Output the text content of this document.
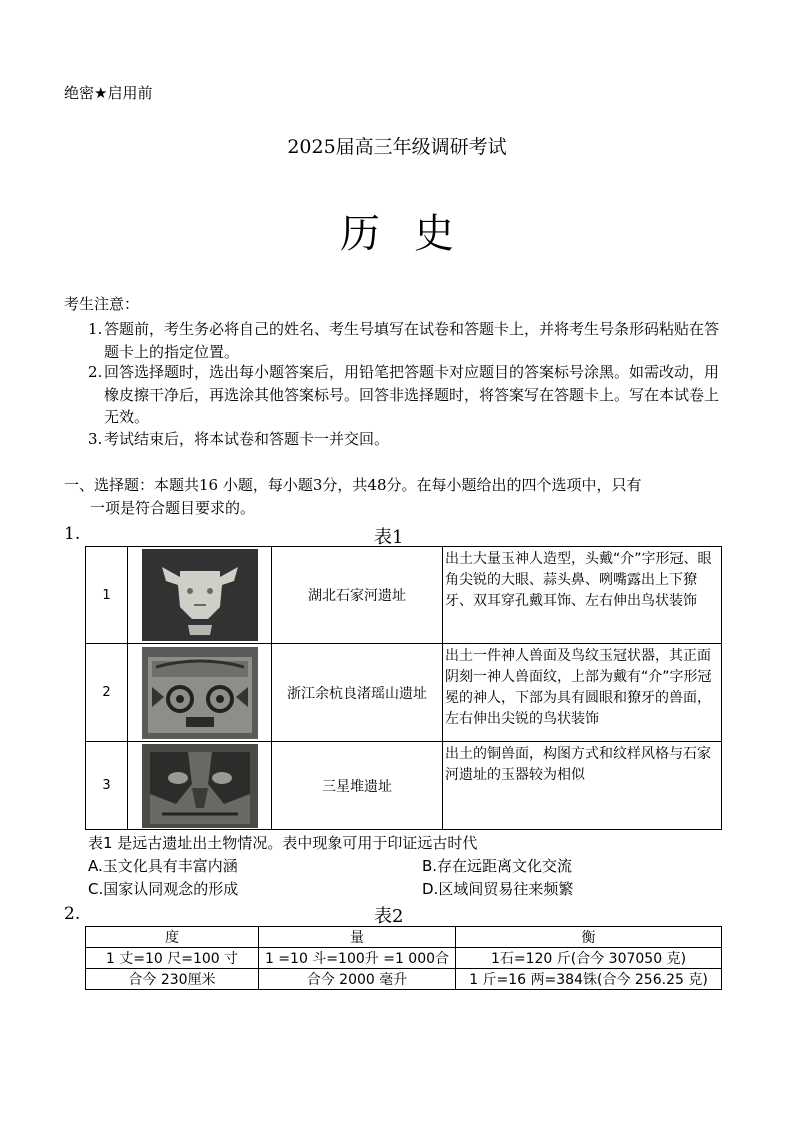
绝密★启用前
2025届高三年级调研考试
历史
考生注意：
1. 答题前，考生务必将自己的姓名、考生号填写在试卷和答题卡上，并将考生号条形码粘贴在答题卡上的指定位置。
2. 回答选择题时，选出每小题答案后，用铅笔把答题卡对应题目的答案标号涂黑。如需改动，用橡皮擦干净后，再选涂其他答案标号。回答非选择题时，将答案写在答题卡上。写在本试卷上无效。
3. 考试结束后，将本试卷和答题卡一并交回。
一、选择题：本题共16 小题，每小题3分，共48分。在每小题给出的四个选项中，只有
一项是符合题目要求的。
1.	表1
1		湖北石家河遗址	出土大量玉神人造型，头戴“介”字形冠、眼角尖锐的大眼、蒜头鼻、咧嘴露出上下獠牙、双耳穿孔戴耳饰、左右伸出鸟状装饰
2		浙江余杭良渚瑶山遗址	出土一件神人兽面及鸟纹玉冠状器，其正面阴刻一神人兽面纹，上部为戴有“介”字形冠冕的神人，下部为具有圆眼和獠牙的兽面，左右伸出尖锐的鸟状装饰
3		三星堆遗址	出土的铜兽面，构图方式和纹样风格与石家河遗址的玉器较为相似
表1 是远古遗址出土物情况。表中现象可用于印证远古时代
A.玉文化具有丰富内涵	B.存在远距离文化交流
C.国家认同观念的形成	D.区域间贸易往来频繁
2.	表2
度	量	衡
1 丈=10 尺=100 寸	1 =10 斗=100升 =1 000合	1石=120 斤(合今 307050 克)
合今 230厘米	合今 2000 毫升	1 斤=16 两=384铢(合今 256.25 克)
